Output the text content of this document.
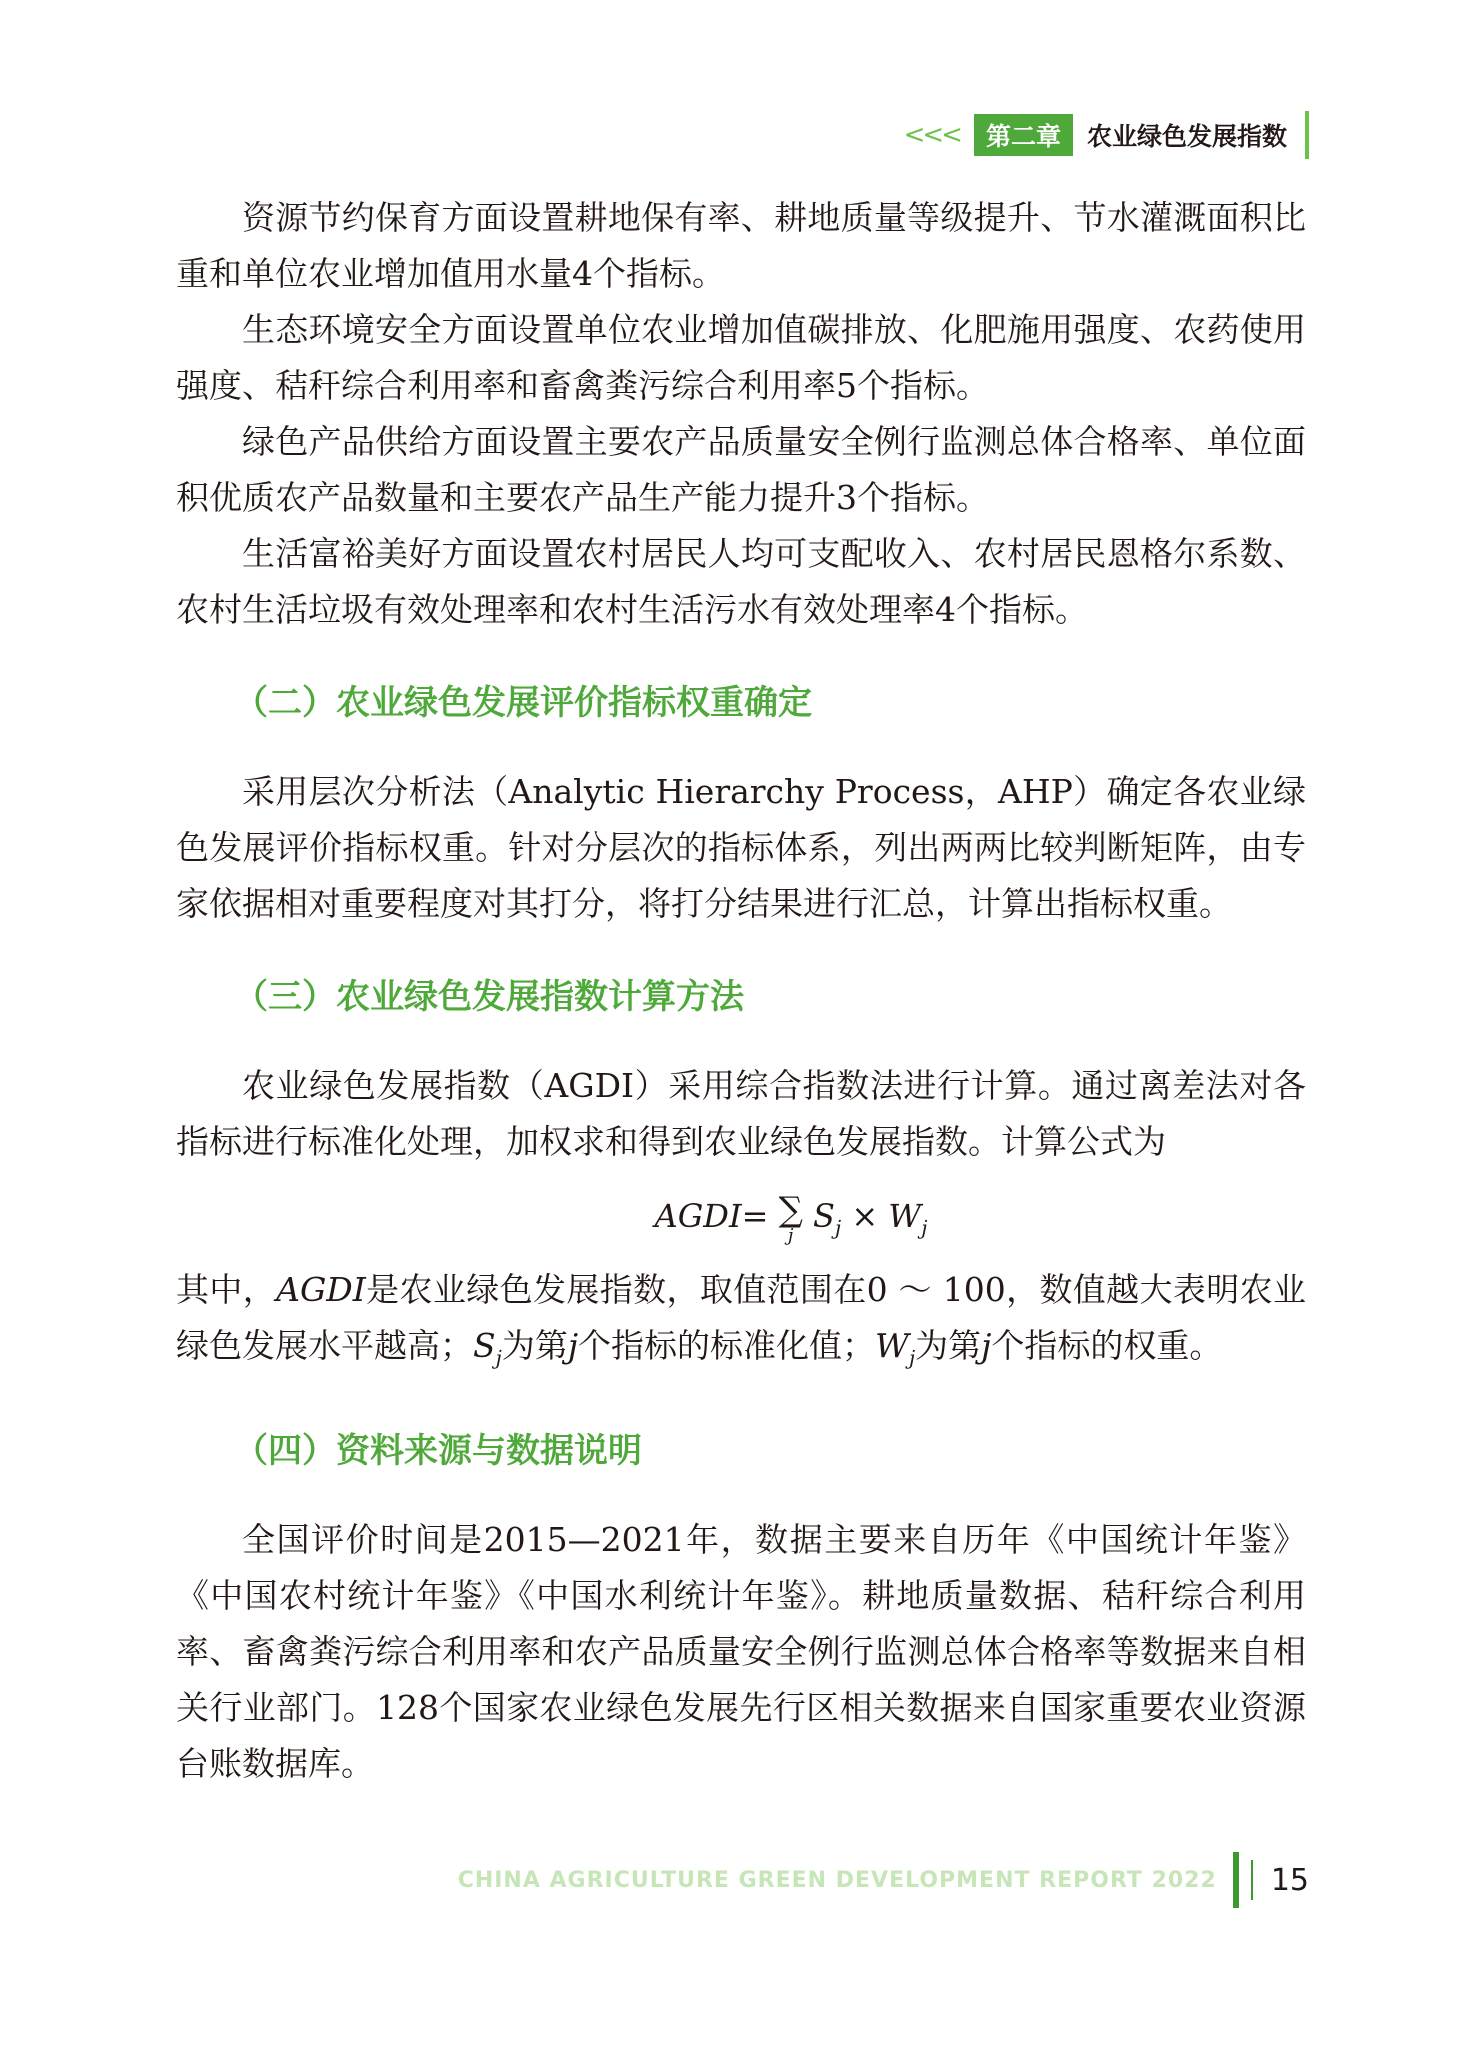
<<<	第二章	农业绿色发展指数

资源节约保育方面设置耕地保有率、耕地质量等级提升、节水灌溉面积比重和单位农业增加值用水量4个指标。

生态环境安全方面设置单位农业增加值碳排放、化肥施用强度、农药使用强度、秸秆综合利用率和畜禽粪污综合利用率5个指标。

绿色产品供给方面设置主要农产品质量安全例行监测总体合格率、单位面积优质农产品数量和主要农产品生产能力提升3个指标。

生活富裕美好方面设置农村居民人均可支配收入、农村居民恩格尔系数、农村生活垃圾有效处理率和农村生活污水有效处理率4个指标。

（二）农业绿色发展评价指标权重确定

采用层次分析法（Analytic Hierarchy Process，AHP）确定各农业绿色发展评价指标权重。针对分层次的指标体系，列出两两比较判断矩阵，由专家依据相对重要程度对其打分，将打分结果进行汇总，计算出指标权重。

（三）农业绿色发展指数计算方法

农业绿色发展指数（AGDI）采用综合指数法进行计算。通过离差法对各指标进行标准化处理，加权求和得到农业绿色发展指数。计算公式为

AGDI= ∑
j $S_j \times W_j$

其中，AGDI是农业绿色发展指数，取值范围在0 ～ 100，数值越大表明农业绿色发展水平越高；$S_j$为第j个指标的标准化值；$W_j$为第j个指标的权重。

（四）资料来源与数据说明

全国评价时间是2015—2021年，数据主要来自历年《中国统计年鉴》《中国农村统计年鉴》《中国水利统计年鉴》。耕地质量数据、秸秆综合利用率、畜禽粪污综合利用率和农产品质量安全例行监测总体合格率等数据来自相关行业部门。128个国家农业绿色发展先行区相关数据来自国家重要农业资源台账数据库。

CHINA AGRICULTURE GREEN DEVELOPMENT REPORT 2022 15
